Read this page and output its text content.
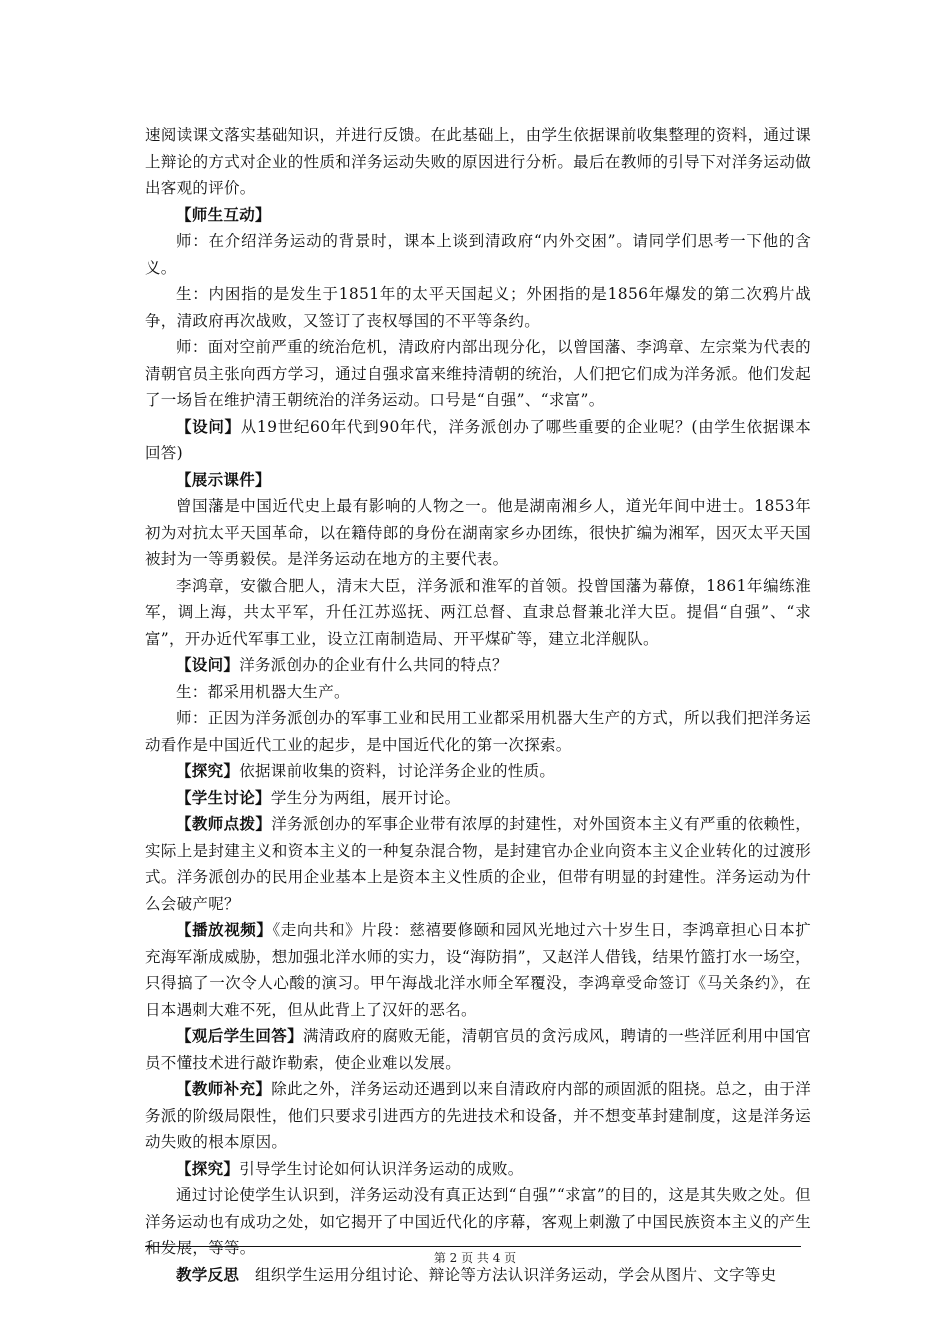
速阅读课文落实基础知识，并进行反馈。在此基础上，由学生依据课前收集整理的资料，通过课上辩论的方式对企业的性质和洋务运动失败的原因进行分析。最后在教师的引导下对洋务运动做出客观的评价。

【师生互动】

师：在介绍洋务运动的背景时，课本上谈到清政府“内外交困”。请同学们思考一下他的含义。

生：内困指的是发生于1851年的太平天国起义；外困指的是1856年爆发的第二次鸦片战争，清政府再次战败，又签订了丧权辱国的不平等条约。

师：面对空前严重的统治危机，清政府内部出现分化，以曾国藩、李鸿章、左宗棠为代表的清朝官员主张向西方学习，通过自强求富来维持清朝的统治，人们把它们成为洋务派。他们发起了一场旨在维护清王朝统治的洋务运动。口号是“自强”、“求富”。

【设问】从19世纪60年代到90年代，洋务派创办了哪些重要的企业呢？(由学生依据课本回答)

【展示课件】

曾国藩是中国近代史上最有影响的人物之一。他是湖南湘乡人，道光年间中进士。1853年初为对抗太平天国革命，以在籍侍郎的身份在湖南家乡办团练，很快扩编为湘军，因灭太平天国被封为一等勇毅侯。是洋务运动在地方的主要代表。

李鸿章，安徽合肥人，清末大臣，洋务派和淮军的首领。投曾国藩为幕僚，1861年编练淮军，调上海，共太平军，升任江苏巡抚、两江总督、直隶总督兼北洋大臣。提倡“自强”、“求富”，开办近代军事工业，设立江南制造局、开平煤矿等，建立北洋舰队。

【设问】洋务派创办的企业有什么共同的特点？

生：都采用机器大生产。

师：正因为洋务派创办的军事工业和民用工业都采用机器大生产的方式，所以我们把洋务运动看作是中国近代工业的起步，是中国近代化的第一次探索。

【探究】依据课前收集的资料，讨论洋务企业的性质。

【学生讨论】学生分为两组，展开讨论。

【教师点拨】洋务派创办的军事企业带有浓厚的封建性，对外国资本主义有严重的依赖性，实际上是封建主义和资本主义的一种复杂混合物，是封建官办企业向资本主义企业转化的过渡形式。洋务派创办的民用企业基本上是资本主义性质的企业，但带有明显的封建性。洋务运动为什么会破产呢？

【播放视频】《走向共和》片段：慈禧要修颐和园风光地过六十岁生日，李鸿章担心日本扩充海军渐成威胁，想加强北洋水师的实力，设“海防捐”，又赵洋人借钱，结果竹篮打水一场空，只得搞了一次令人心酸的演习。甲午海战北洋水师全军覆没，李鸿章受命签订《马关条约》，在日本遇刺大难不死，但从此背上了汉奸的恶名。

【观后学生回答】满清政府的腐败无能，清朝官员的贪污成风，聘请的一些洋匠利用中国官员不懂技术进行敲诈勒索，使企业难以发展。

【教师补充】除此之外，洋务运动还遇到以来自清政府内部的顽固派的阻挠。总之，由于洋务派的阶级局限性，他们只要求引进西方的先进技术和设备，并不想变革封建制度，这是洋务运动失败的根本原因。

【探究】引导学生讨论如何认识洋务运动的成败。

通过讨论使学生认识到，洋务运动没有真正达到“自强”“求富”的目的，这是其失败之处。但洋务运动也有成功之处，如它揭开了中国近代化的序幕，客观上刺激了中国民族资本主义的产生和发展，等等。

教学反思　组织学生运用分组讨论、辩论等方法认识洋务运动，学会从图片、文字等史

第 2 页 共 4 页
